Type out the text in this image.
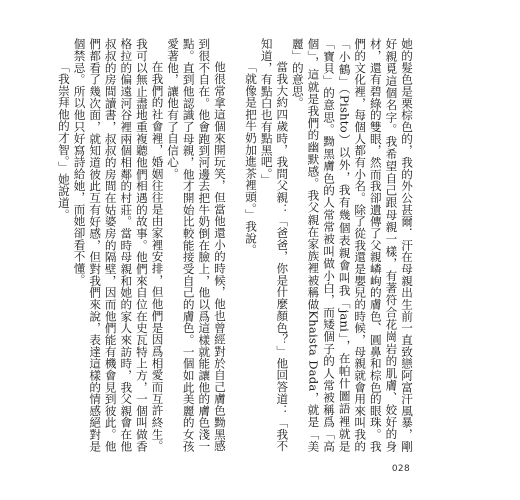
她的髮色是栗棕色的，我的外公甚爾．汗在母親出生前一直致戀阿富汗風暴，剛好親覓這個名字。我希望自己跟母親一樣，有著符合花崗岩的肌膚、姣好的身材，還有碧綠的雙眼，然而我卻遺傳了父親嶙峋的膚色、圓鼻和棕色的眼珠。我們的文化裡，每個人都有小名。除了從我還是嬰兒的時候，母親就會用來叫我的「小鶴」（Pishto）以外，我有幾個表親會叫我「jani」，在帕什圖語裡就是「寶貝」的意思。黝黑膚色的人常常被叫做小白，而矮個子的人常被稱爲「高個」，這就是我們的幽默感。我父親在家族裡被稱做Khaista Dada，就是「美麗」的意思。

當我大約四歲時，我問父親：「爸爸，你是什麼顏色？」他回答道：「我不知道，有點白也有點黑吧。」

「就像是把牛奶加進茶裡頭。」我說。

他很常拿這個來開玩笑，但當他還小的時候，他也曾經對於自己膚色黝黑感到很不自在。他會跑到河邊去把牛奶倒在臉上，他以爲這樣就能讓他的膚色淺一點。直到他認識了母親，他才開始比較能接受自己的膚色。一個如此美麗的女孩愛著他，讓他有了自信心。

在我們的社會裡，婚姻往往是由家裡安排，但他們是因爲相愛而互許終生。我可以無止盡地重複聽他們相遇的故事。他們來自位在史瓦特上方，一個叫做香格拉的偏遠河谷裡兩個相鄰的村莊。當時母親和她的家人來訪時，我父親會在他叔叔的房間讀書，叔叔的房間在姑婆房的隔壁，因而他們能有機會見到彼此。他們都看了幾次面，就知道彼此互有好感，但對我們來說，表達這樣的情感絕對是個禁忌。所以他只好寫詩給她，而她卻看不懂。

「我崇拜他的才智。」她說道。

028
